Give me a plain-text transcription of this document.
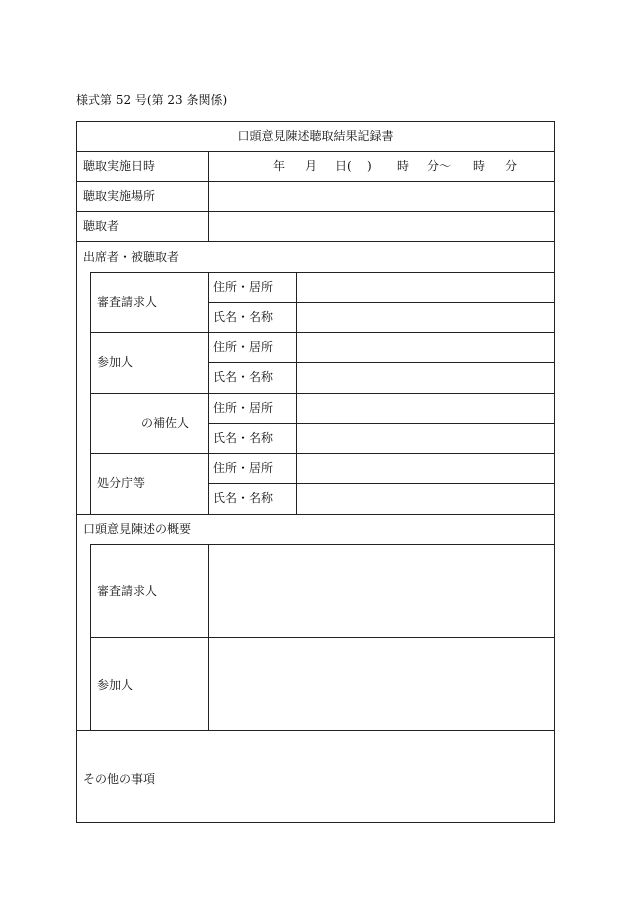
様式第 52 号(第 23 条関係)
口頭意見陳述聴取結果記録書
聴取実施日時	年 月 日( ) 時 分～ 時 分
聴取実施場所
聴取者
出席者・被聴取者
審査請求人
住所・居所
氏名・名称
参加人
住所・居所
氏名・名称
の補佐人
住所・居所
氏名・名称
処分庁等
住所・居所
氏名・名称
口頭意見陳述の概要
審査請求人
参加人
その他の事項
